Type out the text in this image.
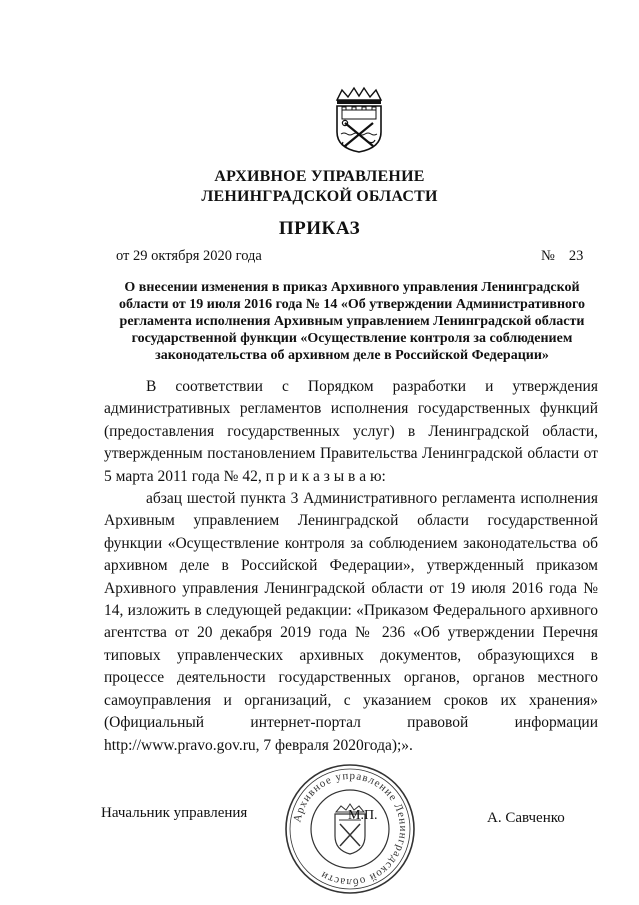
АРХИВНОЕ УПРАВЛЕНИЕ
ЛЕНИНГРАДСКОЙ ОБЛАСТИ
ПРИКАЗ
от 29 октября 2020 года	№ 23
О внесении изменения в приказ Архивного управления Ленинградской области от 19 июля 2016 года № 14 «Об утверждении Административного регламента исполнения Архивным управлением Ленинградской области государственной функции «Осуществление контроля за соблюдением законодательства об архивном деле в Российской Федерации»

В соответствии с Порядком разработки и утверждения административных регламентов исполнения государственных функций (предоставления государственных услуг) в Ленинградской области, утвержденным постановлением Правительства Ленинградской области от 5 марта 2011 года № 42, п р и к а з ы в а ю:

абзац шестой пункта 3 Административного регламента исполнения Архивным управлением Ленинградской области государственной функции «Осуществление контроля за соблюдением законодательства об архивном деле в Российской Федерации», утвержденный приказом Архивного управления Ленинградской области от 19 июля 2016 года № 14, изложить в следующей редакции: «Приказом Федерального архивного агентства от 20 декабря 2019 года № 236 «Об утверждении Перечня типовых управленческих архивных документов, образующихся в процессе деятельности государственных органов, органов местного самоуправления и организаций, с указанием сроков их хранения» (Официальный интернет-портал правовой информации http://www.pravo.gov.ru, 7 февраля 2020года);».

Начальник управления	А. Савченко
Архивное управление Ленинградской области
М.П.
